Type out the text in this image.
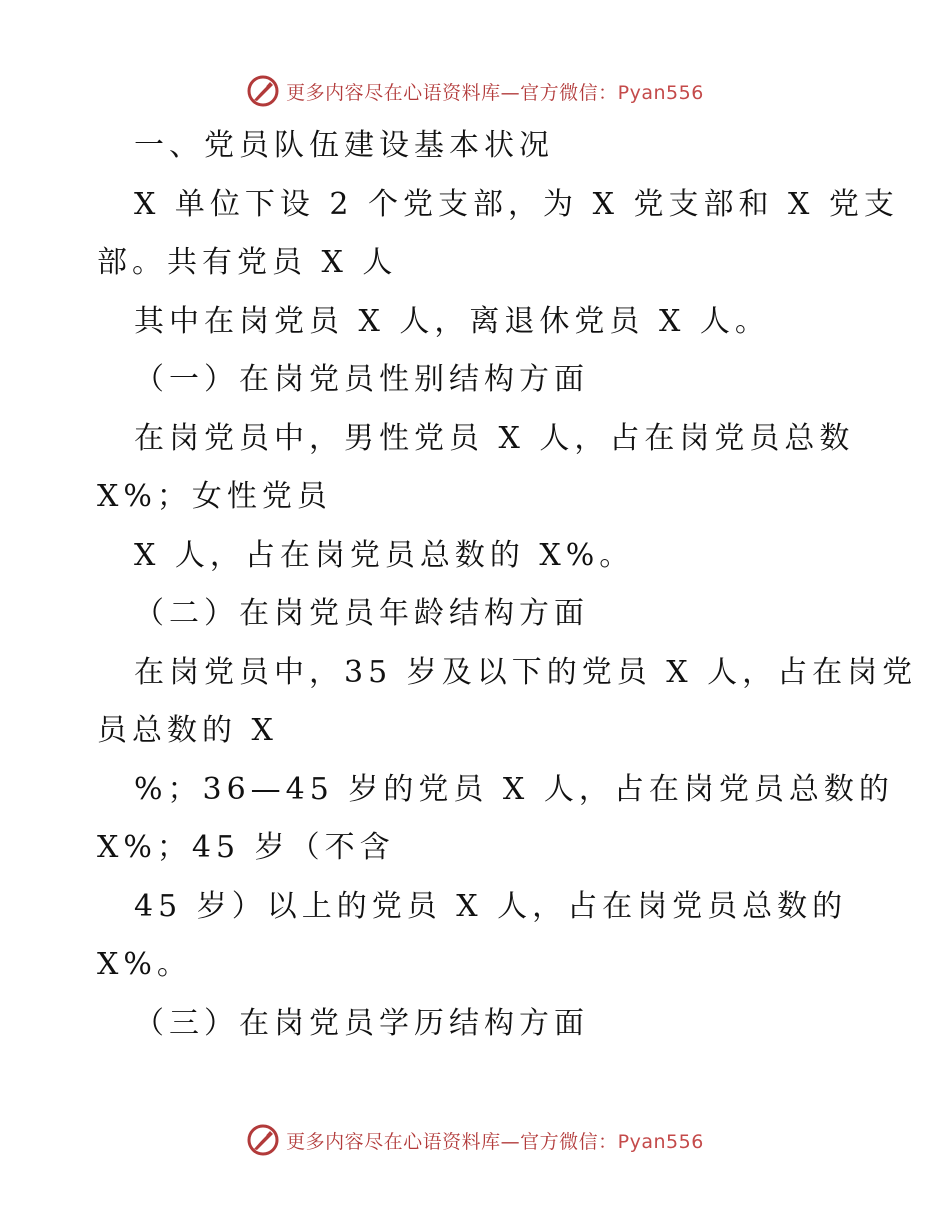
更多内容尽在心语资料库—官方微信：Pyan556
一、党员队伍建设基本状况
X 单位下设 2 个党支部，为 X 党支部和 X 党支
部。共有党员 X 人
其中在岗党员 X 人，离退休党员 X 人。
（一）在岗党员性别结构方面
在岗党员中，男性党员 X 人，占在岗党员总数
X%；女性党员
X 人，占在岗党员总数的 X%。
（二）在岗党员年龄结构方面
在岗党员中，35 岁及以下的党员 X 人，占在岗党
员总数的 X
%；36—45 岁的党员 X 人，占在岗党员总数的
X%；45 岁（不含
45 岁）以上的党员 X 人，占在岗党员总数的
X%。
（三）在岗党员学历结构方面
更多内容尽在心语资料库—官方微信：Pyan556
